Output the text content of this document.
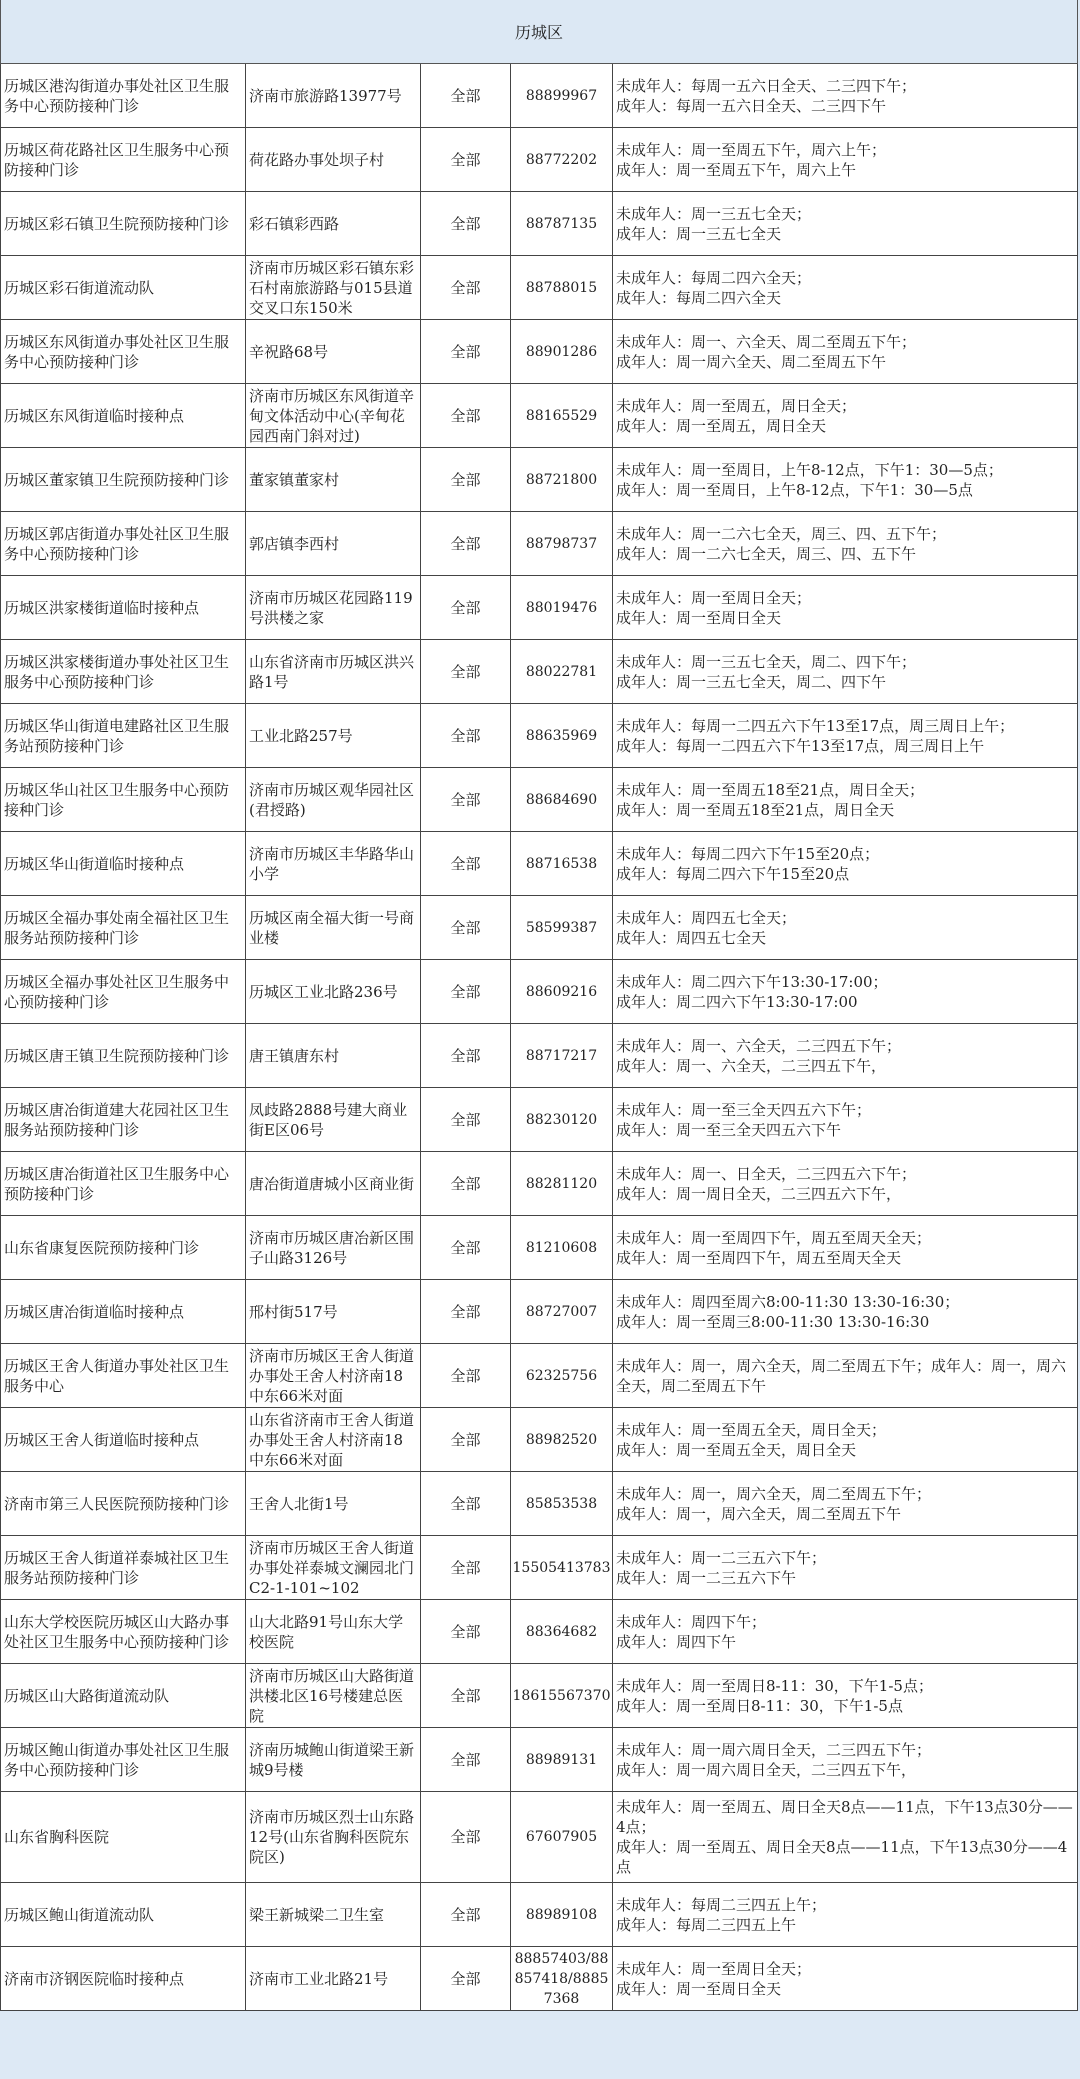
历城区				
历城区港沟街道办事处社区卫生服务中心预防接种门诊	济南市旅游路13977号	全部	88899967	未成年人：每周一五六日全天、二三四下午；
成年人：每周一五六日全天、二三四下午

历城区荷花路社区卫生服务中心预防接种门诊	荷花路办事处坝子村	全部	88772202	未成年人：周一至周五下午，周六上午；
成年人：周一至周五下午，周六上午

历城区彩石镇卫生院预防接种门诊	彩石镇彩西路	全部	88787135	未成年人：周一三五七全天；
成年人：周一三五七全天

历城区彩石街道流动队	济南市历城区彩石镇东彩石村南旅游路与015县道交叉口东150米	全部	88788015	未成年人：每周二四六全天；
成年人：每周二四六全天

历城区东风街道办事处社区卫生服务中心预防接种门诊	辛祝路68号	全部	88901286	未成年人：周一、六全天、周二至周五下午；
成年人：周一周六全天、周二至周五下午

历城区东风街道临时接种点	济南市历城区东风街道辛甸文体活动中心(辛甸花园西南门斜对过)	全部	88165529	未成年人：周一至周五，周日全天；
成年人：周一至周五，周日全天

历城区董家镇卫生院预防接种门诊	董家镇董家村	全部	88721800	未成年人：周一至周日，上午8-12点，下午1：30—5点；
成年人：周一至周日，上午8-12点，下午1：30—5点

历城区郭店街道办事处社区卫生服务中心预防接种门诊	郭店镇李西村	全部	88798737	未成年人：周一二六七全天，周三、四、五下午；
成年人：周一二六七全天，周三、四、五下午

历城区洪家楼街道临时接种点	济南市历城区花园路119号洪楼之家	全部	88019476	未成年人：周一至周日全天；
成年人：周一至周日全天

历城区洪家楼街道办事处社区卫生服务中心预防接种门诊	山东省济南市历城区洪兴路1号	全部	88022781	未成年人：周一三五七全天，周二、四下午；
成年人：周一三五七全天，周二、四下午

历城区华山街道电建路社区卫生服务站预防接种门诊	工业北路257号	全部	88635969	未成年人：每周一二四五六下午13至17点，周三周日上午；
成年人：每周一二四五六下午13至17点，周三周日上午

历城区华山社区卫生服务中心预防接种门诊	济南市历城区观华园社区(君授路)	全部	88684690	未成年人：周一至周五18至21点，周日全天；
成年人：周一至周五18至21点，周日全天

历城区华山街道临时接种点	济南市历城区丰华路华山小学	全部	88716538	未成年人：每周二四六下午15至20点；
成年人：每周二四六下午15至20点

历城区全福办事处南全福社区卫生服务站预防接种门诊	历城区南全福大街一号商业楼	全部	58599387	未成年人：周四五七全天；
成年人：周四五七全天

历城区全福办事处社区卫生服务中心预防接种门诊	历城区工业北路236号	全部	88609216	未成年人：周二四六下午13:30-17:00；
成年人：周二四六下午13:30-17:00

历城区唐王镇卫生院预防接种门诊	唐王镇唐东村	全部	88717217	未成年人：周一、六全天，二三四五下午；
成年人：周一、六全天，二三四五下午，

历城区唐冶街道建大花园社区卫生服务站预防接种门诊	凤歧路2888号建大商业街E区06号	全部	88230120	未成年人：周一至三全天四五六下午；
成年人：周一至三全天四五六下午

历城区唐冶街道社区卫生服务中心预防接种门诊	唐冶街道唐城小区商业街	全部	88281120	未成年人：周一、日全天，二三四五六下午；
成年人：周一周日全天，二三四五六下午，

山东省康复医院预防接种门诊	济南市历城区唐冶新区围子山路3126号	全部	81210608	未成年人：周一至周四下午，周五至周天全天；
成年人：周一至周四下午，周五至周天全天

历城区唐冶街道临时接种点	邢村街517号	全部	88727007	未成年人：周四至周六8:00-11:30 13:30-16:30；
成年人：周一至周三8:00-11:30 13:30-16:30

历城区王舍人街道办事处社区卫生服务中心	济南市历城区王舍人街道办事处王舍人村济南18中东66米对面	全部	62325756	未成年人：周一，周六全天，周二至周五下午；成年人：周一，周六全天，周二至周五下午

历城区王舍人街道临时接种点	山东省济南市王舍人街道办事处王舍人村济南18中东66米对面	全部	88982520	未成年人：周一至周五全天，周日全天；
成年人：周一至周五全天，周日全天

济南市第三人民医院预防接种门诊	王舍人北街1号	全部	85853538	未成年人：周一，周六全天，周二至周五下午；
成年人：周一，周六全天，周二至周五下午

历城区王舍人街道祥泰城社区卫生服务站预防接种门诊	济南市历城区王舍人街道办事处祥泰城文澜园北门C2-1-101~102	全部	15505413783	未成年人：周一二三五六下午；
成年人：周一二三五六下午

山东大学校医院历城区山大路办事处社区卫生服务中心预防接种门诊	山大北路91号山东大学校医院	全部	88364682	未成年人：周四下午；
成年人：周四下午

历城区山大路街道流动队	济南市历城区山大路街道洪楼北区16号楼建总医院	全部	18615567370	未成年人：周一至周日8-11：30，下午1-5点；
成年人：周一至周日8-11：30，下午1-5点

历城区鲍山街道办事处社区卫生服务中心预防接种门诊	济南历城鲍山街道梁王新城9号楼	全部	88989131	未成年人：周一周六周日全天，二三四五下午；
成年人：周一周六周日全天，二三四五下午，

山东省胸科医院	济南市历城区烈士山东路12号(山东省胸科医院东院区)	全部	67607905	未成年人：周一至周五、周日全天8点——11点，下午13点30分——4点；
成年人：周一至周五、周日全天8点——11点，下午13点30分——4点

历城区鲍山街道流动队	梁王新城梁二卫生室	全部	88989108	未成年人：每周二三四五上午；
成年人：每周二三四五上午

济南市济钢医院临时接种点	济南市工业北路21号	全部	88857403/88857418/88857368	未成年人：周一至周日全天；
成年人：周一至周日全天
